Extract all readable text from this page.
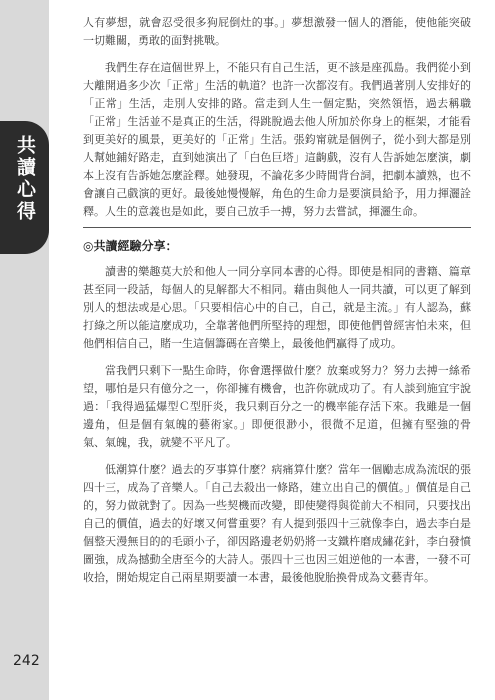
共讀心得
242

人有夢想，就會忍受很多狗屁倒灶的事。」夢想激發一個人的潛能，使他能突破一切難關，勇敢的面對挑戰。

我們生存在這個世界上，不能只有自己生活，更不該是座孤島。我們從小到大離開過多少次「正常」生活的軌道？也許一次都沒有。我們過著別人安排好的「正常」生活，走別人安排的路。當走到人生一個定點，突然領悟，過去稱職「正常」生活並不是真正的生活，得跳脫過去他人所加於你身上的框架，才能看到更美好的風景，更美好的「正常」生活。張鈞甯就是個例子，從小到大都是別人幫她鋪好路走，直到她演出了「白色巨塔」這齣戲，沒有人告訴她怎麼演，劇本上沒有告訴她怎麼詮釋。她發現，不論花多少時間背台詞，把劇本讀熟，也不會讓自己戲演的更好。最後她慢慢解，角色的生命力是要演員給予，用力揮灑詮釋。人生的意義也是如此，要自己放手一搏，努力去嘗試，揮灑生命。

◎共讀經驗分享：

讀書的樂趣莫大於和他人一同分享同本書的心得。即使是相同的書籍、篇章甚至同一段話，每個人的見解都大不相同。藉由與他人一同共讀，可以更了解到別人的想法或是心思。「只要相信心中的自己，自己，就是主流。」有人認為，蘇打綠之所以能這麼成功，全靠著他們所堅持的理想，即使他們曾經害怕未來，但他們相信自己，賭一生這個籌碼在音樂上，最後他們贏得了成功。

當我們只剩下一點生命時，你會選擇做什麼？放棄或努力？努力去搏一絲希望，哪怕是只有億分之一，你卻擁有機會，也許你就成功了。有人談到施宜宇說過：「我得過猛爆型Ｃ型肝炎，我只剩百分之一的機率能存活下來。我雖是一個邊角，但是個有氣魄的藝術家。」即便很渺小，很微不足道，但擁有堅強的骨氣、氣魄，我，就變不平凡了。

低潮算什麼？過去的歹事算什麼？病痛算什麼？當年一個勵志成為流氓的張四十三，成為了音樂人。「自己去殺出一條路，建立出自己的價值。」價值是自己的，努力做就對了。因為一些契機而改變，即使變得與從前大不相同，只要找出自己的價值，過去的好壞又何嘗重要？有人提到張四十三就像李白，過去李白是個整天漫無目的的毛頭小子，卻因路邊老奶奶將一支鐵杵磨成繡花針，李白發憤圖強，成為撼動全唐至今的大詩人。張四十三也因三姐逆他的一本書，一發不可收拾，開始規定自己兩星期要讀一本書，最後他脫胎換骨成為文藝青年。
